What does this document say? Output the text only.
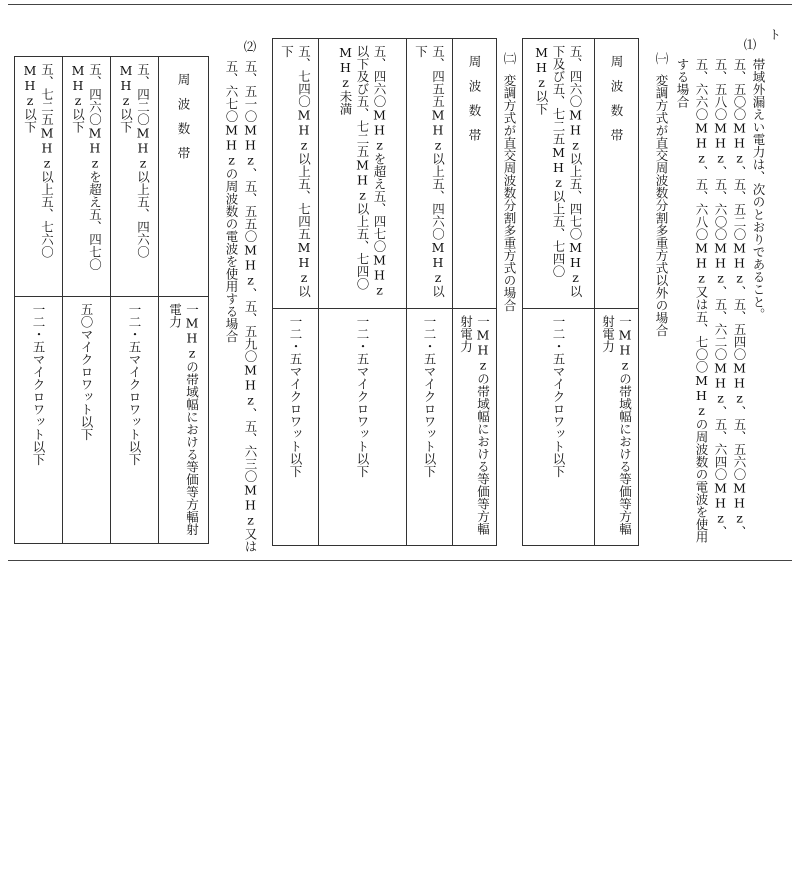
ト
⑴
帯域外漏えい電力は、次のとおりであること。
五、五〇〇MHz、五、五二〇MHz、五、五四〇MHz、五、五六〇MHz、五、五八〇MHz、五、六〇〇MHz、五、六二〇MHz、五、六四〇MHz、五、六六〇MHz、五、六八〇MHz又は五、七〇〇MHzの周波数の電波を使用する場合
㈠
変調方式が直交周波数分割多重方式以外の場合
五、四六〇MHz以上五、四七〇MHz以下及び五、七二五MHz以上五、七四〇MHz以下	周波数帯
一二・五マイクロワット以下	一MHzの帯域幅における等価等方輻射電力
㈡
変調方式が直交周波数分割多重方式の場合
五、七四〇MHz以上五、七四五MHz以下	五、四六〇MHzを超え五、四七〇MHz以下及び五、七二五MHz以上五、七四〇MHz未満	五、四五五MHz以上五、四六〇MHz以下	周波数帯
一二・五マイクロワット以下	一二・五マイクロワット以下	一二・五マイクロワット以下	一MHzの帯域幅における等価等方輻射電力
⑵
五、五一〇MHz、五、五五〇MHz、五、五九〇MHz、五、六三〇MHz又は五、六七〇MHzの周波数の電波を使用する場合
五、七二五MHz以上五、七六〇MHz以下	五、四六〇MHzを超え五、四七〇MHz以下	五、四二〇MHz以上五、四六〇MHz以下	周波数帯
一二・五マイクロワット以下	五〇マイクロワット以下	一二・五マイクロワット以下	一MHzの帯域幅における等価等方輻射電力
